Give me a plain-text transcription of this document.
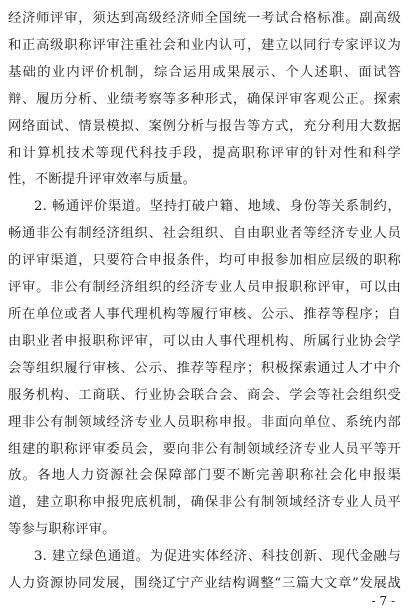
经济师评审，须达到高级经济师全国统一考试合格标准。副高级
和正高级职称评审注重社会和业内认可，建立以同行专家评议为
基础的业内评价机制，综合运用成果展示、个人述职、面试答
辩、履历分析、业绩考察等多种形式，确保评审客观公正。探索
网络面试、情景模拟、案例分析与报告等方式，充分利用大数据
和计算机技术等现代科技手段，提高职称评审的针对性和科学
性，不断提升评审效率与质量。
2. 畅通评价渠道。坚持打破户籍、地域、身份等关系制约，
畅通非公有制经济组织、社会组织、自由职业者等经济专业人员
的评审渠道，只要符合申报条件，均可申报参加相应层级的职称
评审。非公有制经济组织的经济专业人员申报职称评审，可以由
所在单位或者人事代理机构等履行审核、公示、推荐等程序；自
由职业者申报职称评审，可以由人事代理机构、所属行业协会学
会等组织履行审核、公示、推荐等程序；积极探索通过人才中介
服务机构、工商联、行业协会联合会、商会、学会等社会组织受
理非公有制领域经济专业人员职称申报。非面向单位、系统内部
组建的职称评审委员会，要向非公有制领域经济专业人员平等开
放。各地人力资源社会保障部门要不断完善职称社会化申报渠
道，建立职称申报兜底机制，确保非公有制领域经济专业人员平
等参与职称评审。
3. 建立绿色通道。为促进实体经济、科技创新、现代金融与
人力资源协同发展，围绕辽宁产业结构调整“三篇大文章”发展战
- 7 -
